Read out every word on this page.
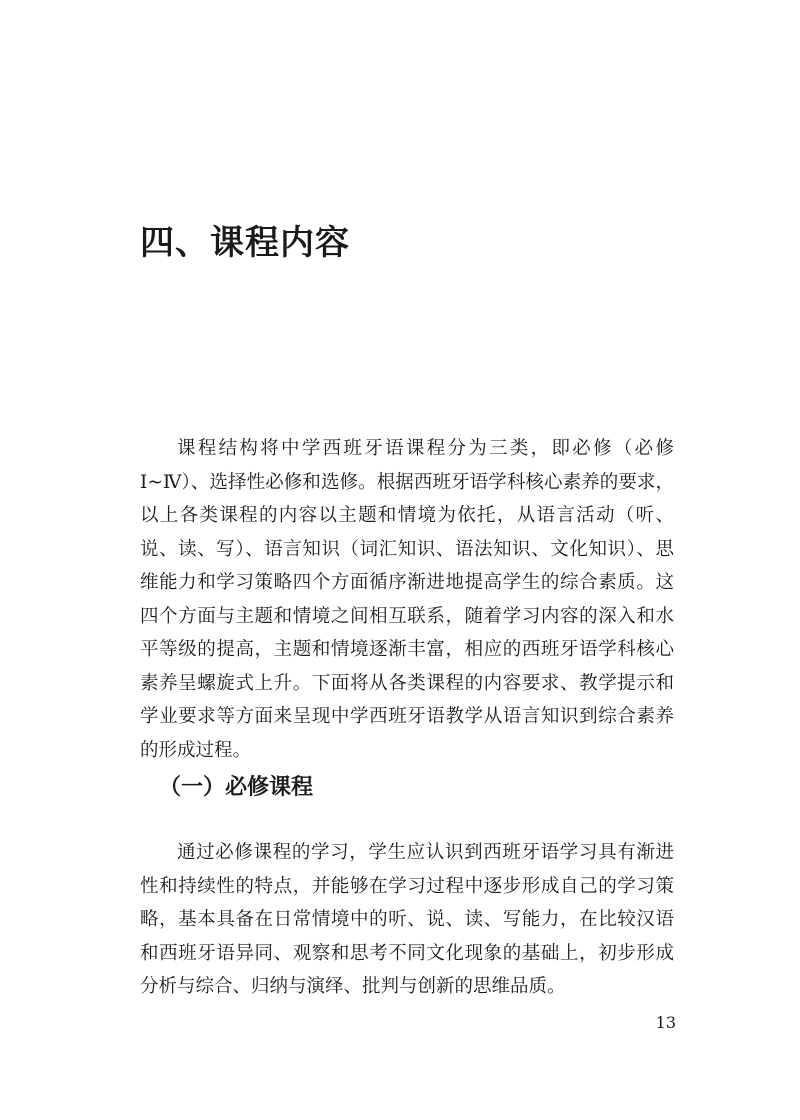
四、课程内容

课程结构将中学西班牙语课程分为三类，即必修（必修Ⅰ~Ⅳ）、选择性必修和选修。根据西班牙语学科核心素养的要求，以上各类课程的内容以主题和情境为依托，从语言活动（听、说、读、写）、语言知识（词汇知识、语法知识、文化知识）、思维能力和学习策略四个方面循序渐进地提高学生的综合素质。这四个方面与主题和情境之间相互联系，随着学习内容的深入和水平等级的提高，主题和情境逐渐丰富，相应的西班牙语学科核心素养呈螺旋式上升。下面将从各类课程的内容要求、教学提示和学业要求等方面来呈现中学西班牙语教学从语言知识到综合素养的形成过程。

（一）必修课程

通过必修课程的学习，学生应认识到西班牙语学习具有渐进性和持续性的特点，并能够在学习过程中逐步形成自己的学习策略，基本具备在日常情境中的听、说、读、写能力，在比较汉语和西班牙语异同、观察和思考不同文化现象的基础上，初步形成分析与综合、归纳与演绎、批判与创新的思维品质。

13
